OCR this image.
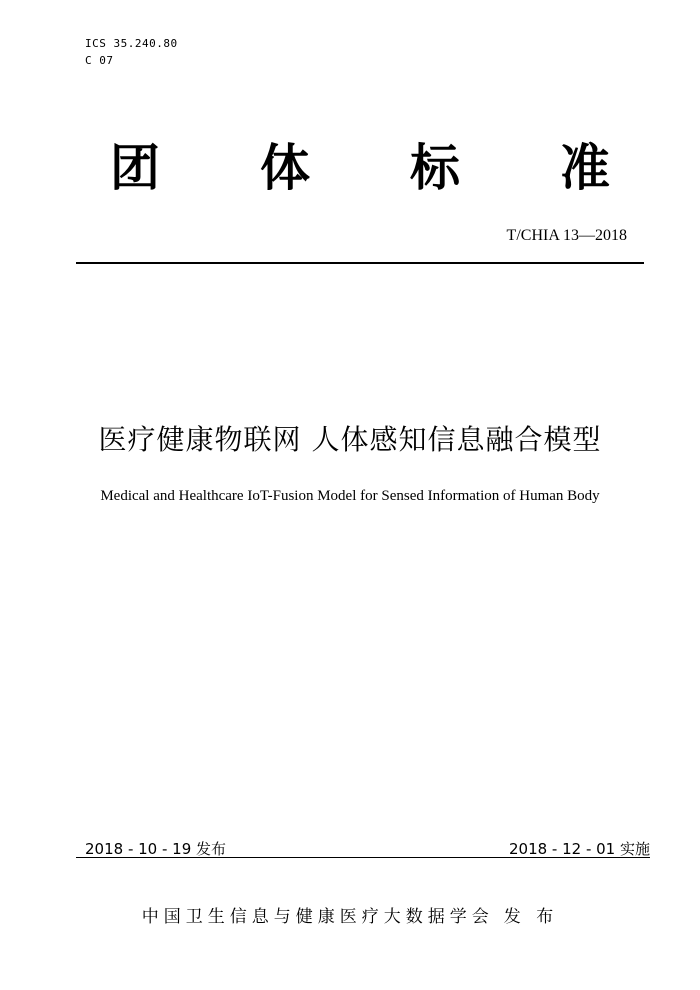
ICS 35.240.80
C 07
团 体 标 准
T/CHIA 13—2018
医疗健康物联网 人体感知信息融合模型
Medical and Healthcare IoT-Fusion Model for Sensed Information of Human Body
2018 - 10 - 19 发布	2018 - 12 - 01 实施
中国卫生信息与健康医疗大数据学会 发 布
